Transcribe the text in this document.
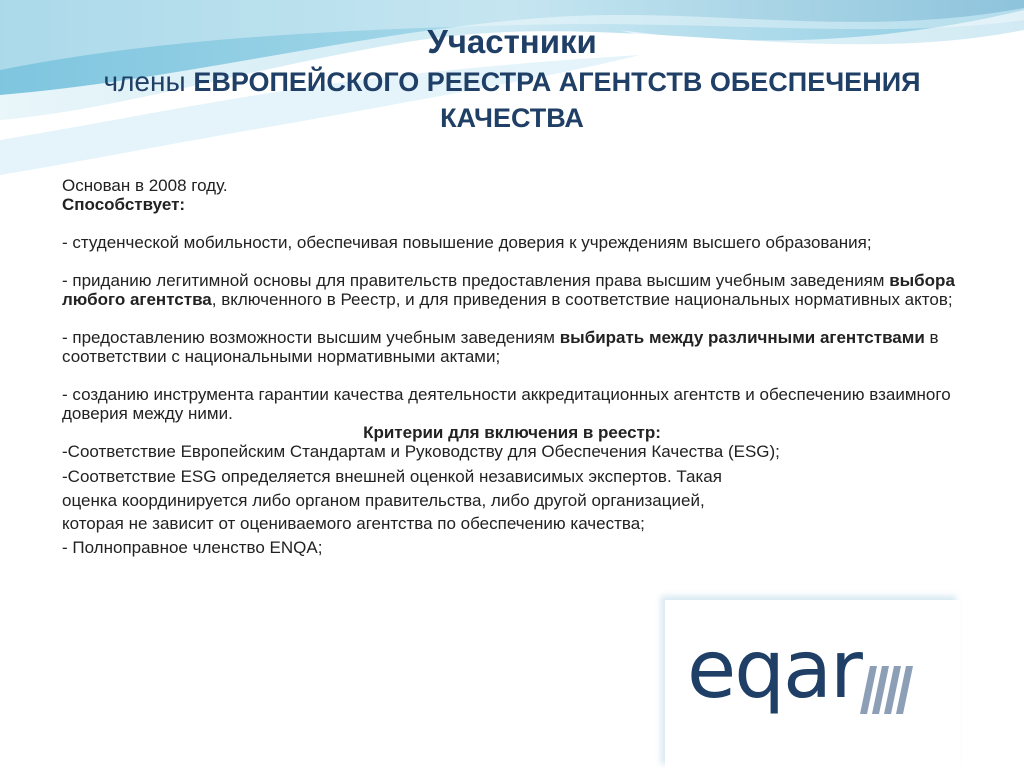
Участники
члены ЕВРОПЕЙСКОГО РЕЕСТРА АГЕНТСТВ ОБЕСПЕЧЕНИЯ КАЧЕСТВА

Основан в 2008 году.

Способствует:

- студенческой мобильности, обеспечивая повышение доверия к учреждениям высшего образования;

- приданию легитимной основы для правительств предоставления права высшим учебным заведениям выбора любого агентства, включенного в Реестр, и для приведения в соответствие национальных нормативных актов;

- предоставлению возможности высшим учебным заведениям выбирать между различными агентствами в соответствии с национальными нормативными актами;

- созданию инструмента гарантии качества деятельности аккредитационных агентств и обеспечению взаимного доверия между ними.

Критерии для включения в реестр:

-Соответствие Европейским Стандартам и Руководству для Обеспечения Качества (ESG);

-Соответствие ESG определяется внешней оценкой независимых экспертов. Такая

оценка координируется либо органом правительства, либо другой организацией,

которая не зависит от оцениваемого агентства по обеспечению качества;

- Полноправное членство ENQA;

eqar
